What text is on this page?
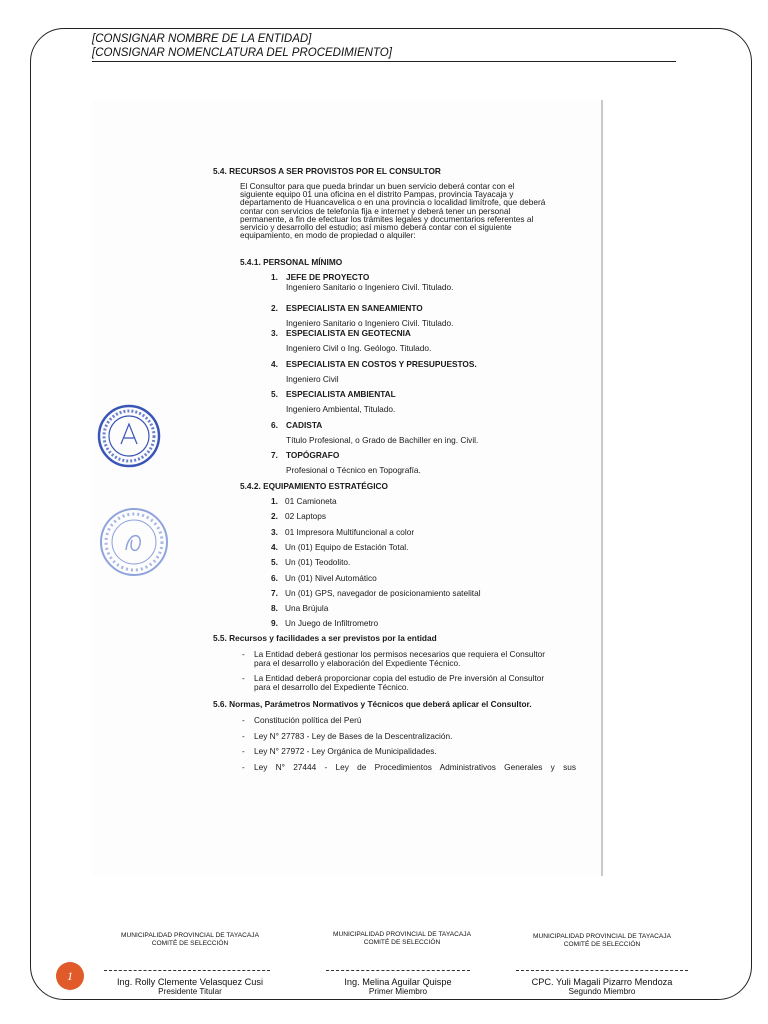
[CONSIGNAR NOMBRE DE LA ENTIDAD]
[CONSIGNAR NOMENCLATURA DEL PROCEDIMIENTO]
5.4. RECURSOS A SER PROVISTOS POR EL CONSULTOR
El Consultor para que pueda brindar un buen servicio deberá contar con el
siguiente equipo 01 una oficina en el distrito Pampas, provincia Tayacaja y
departamento de Huancavelica o en una provincia o localidad limítrofe, que deberá
contar con servicios de telefonía fija e internet y deberá tener un personal
permanente, a fin de efectuar los trámites legales y documentarios referentes al
servicio y desarrollo del estudio; así mismo deberá contar con el siguiente
equipamiento, en modo de propiedad o alquiler:
5.4.1. PERSONAL MÍNIMO
1. JEFE DE PROYECTO
Ingeniero Sanitario o Ingeniero Civil. Titulado.
2. ESPECIALISTA EN SANEAMIENTO
Ingeniero Sanitario o Ingeniero Civil. Titulado.
3. ESPECIALISTA EN GEOTECNIA
Ingeniero Civil o Ing. Geólogo. Titulado.
4. ESPECIALISTA EN COSTOS Y PRESUPUESTOS.
Ingeniero Civil
5. ESPECIALISTA AMBIENTAL
Ingeniero Ambiental, Titulado.
6. CADISTA
Título Profesional, o Grado de Bachiller en ing. Civil.
7. TOPÓGRAFO
Profesional o Técnico en Topografía.
5.4.2. EQUIPAMIENTO ESTRATÉGICO
1. 01 Camioneta
2. 02 Laptops
3. 01 Impresora Multifuncional a color
4. Un (01) Equipo de Estación Total.
5. Un (01) Teodolito.
6. Un (01) Nivel Automático
7. Un (01) GPS, navegador de posicionamiento satelital
8. Una Brújula
9. Un Juego de Infiltrometro
5.5. Recursos y facilidades a ser previstos por la entidad
- La Entidad deberá gestionar los permisos necesarios que requiera el Consultor
para el desarrollo y elaboración del Expediente Técnico.
- La Entidad deberá proporcionar copia del estudio de Pre inversión al Consultor
para el desarrollo del Expediente Técnico.
5.6. Normas, Parámetros Normativos y Técnicos que deberá aplicar el Consultor.
- Constitución política del Perú
- Ley N° 27783 - Ley de Bases de la Descentralización.
- Ley N° 27972 - Ley Orgánica de Municipalidades.
- Ley N° 27444 - Ley de Procedimientos Administrativos Generales y sus
MUNICIPALIDAD PROVINCIAL DE TAYACAJA
COMITÉ DE SELECCIÓN
MUNICIPALIDAD PROVINCIAL DE TAYACAJA
COMITÉ DE SELECCIÓN
MUNICIPALIDAD PROVINCIAL DE TAYACAJA
COMITÉ DE SELECCIÓN
Ing. Rolly Clemente Velasquez Cusi
Presidente Titular
Ing. Melina Aguilar Quispe
Primer Miembro
CPC. Yuli Magali Pizarro Mendoza
Segundo Miembro
1
